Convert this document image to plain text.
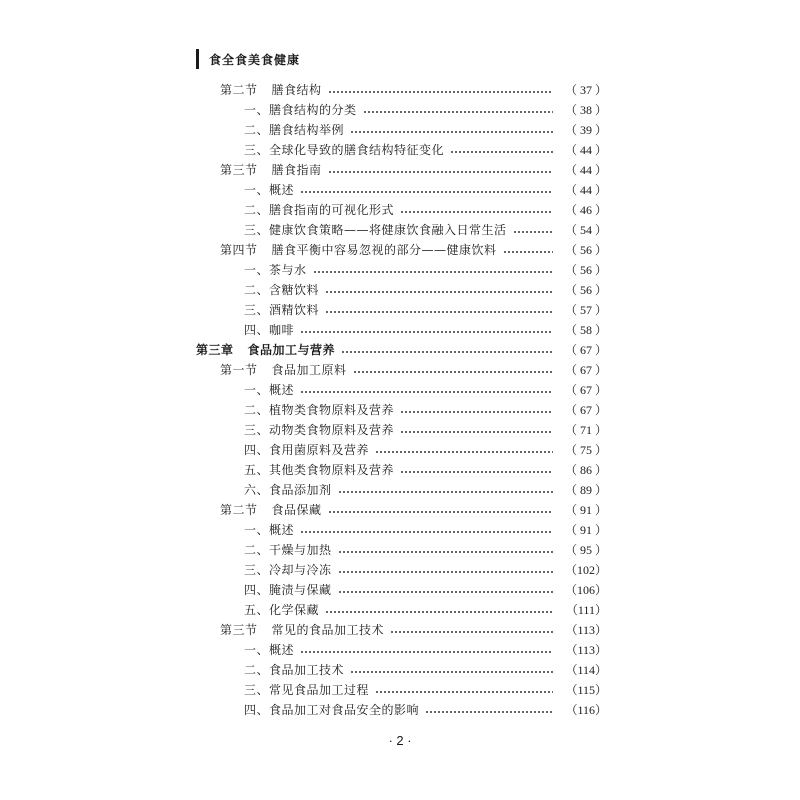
食全食美食健康
第二节 膳食结构	（ 37 ）
一、膳食结构的分类	（ 38 ）
二、膳食结构举例	（ 39 ）
三、全球化导致的膳食结构特征变化	（ 44 ）
第三节 膳食指南	（ 44 ）
一、概述	（ 44 ）
二、膳食指南的可视化形式	（ 46 ）
三、健康饮食策略——将健康饮食融入日常生活	（ 54 ）
第四节 膳食平衡中容易忽视的部分——健康饮料	（ 56 ）
一、茶与水	（ 56 ）
二、含糖饮料	（ 56 ）
三、酒精饮料	（ 57 ）
四、咖啡	（ 58 ）
第三章 食品加工与营养	（ 67 ）
第一节 食品加工原料	（ 67 ）
一、概述	（ 67 ）
二、植物类食物原料及营养	（ 67 ）
三、动物类食物原料及营养	（ 71 ）
四、食用菌原料及营养	（ 75 ）
五、其他类食物原料及营养	（ 86 ）
六、食品添加剂	（ 89 ）
第二节 食品保藏	（ 91 ）
一、概述	（ 91 ）
二、干燥与加热	（ 95 ）
三、冷却与冷冻	（102）
四、腌渍与保藏	（106）
五、化学保藏	（111）
第三节 常见的食品加工技术	（113）
一、概述	（113）
二、食品加工技术	（114）
三、常见食品加工过程	（115）
四、食品加工对食品安全的影响	（116）
· 2 ·
